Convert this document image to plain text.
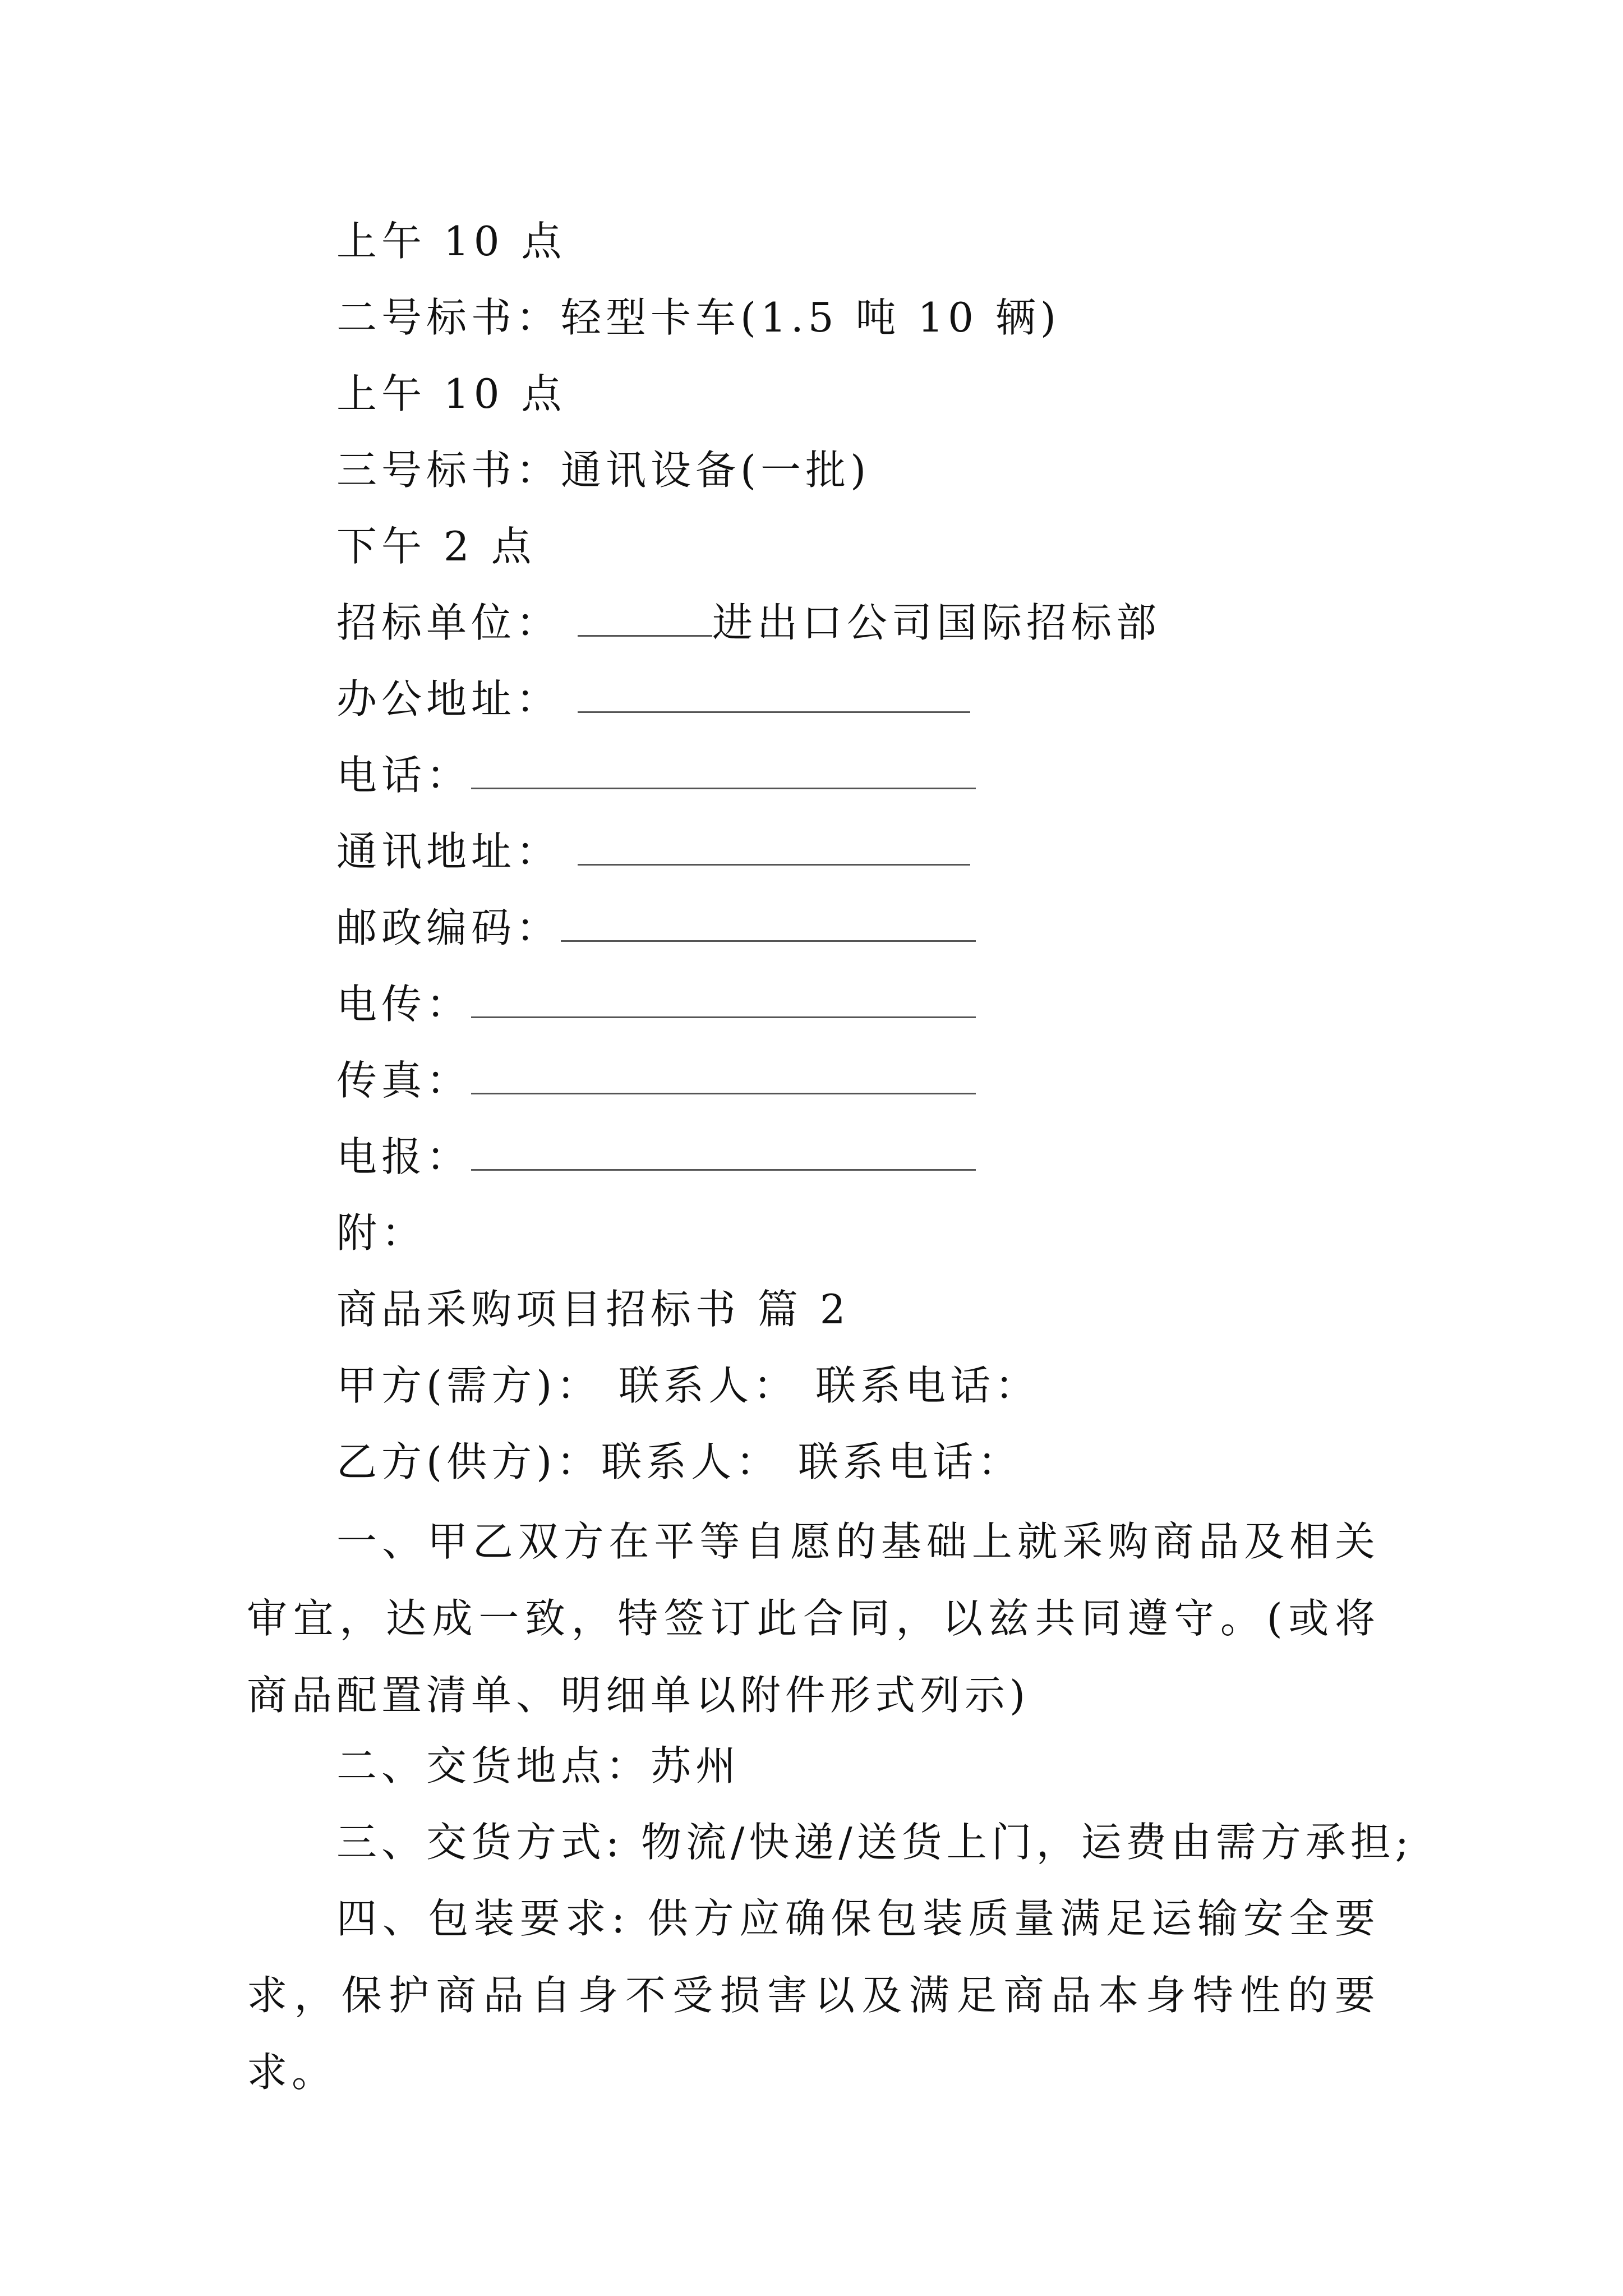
上午 10 点
二号标书：轻型卡车(1.5 吨 10 辆)
上午 10 点
三号标书：通讯设备(一批)
下午 2 点
招标单位：	进出口公司国际招标部
办公地址：
电话：
通讯地址：
邮政编码：
电传：
传真：
电报：
附：
商品采购项目招标书 篇 2
甲方(需方)： 联系人： 联系电话：
乙方(供方)：联系人： 联系电话：
一、甲乙双方在平等自愿的基础上就采购商品及相关审宜，达成一致，特签订此合同，以兹共同遵守。(或将商品配置清单、明细单以附件形式列示)
二、交货地点：苏州
三、交货方式: 物流/快递/送货上门，运费由需方承担;
四、包装要求: 供方应确保包装质量满足运输安全要求，保护商品自身不受损害以及满足商品本身特性的要求。
